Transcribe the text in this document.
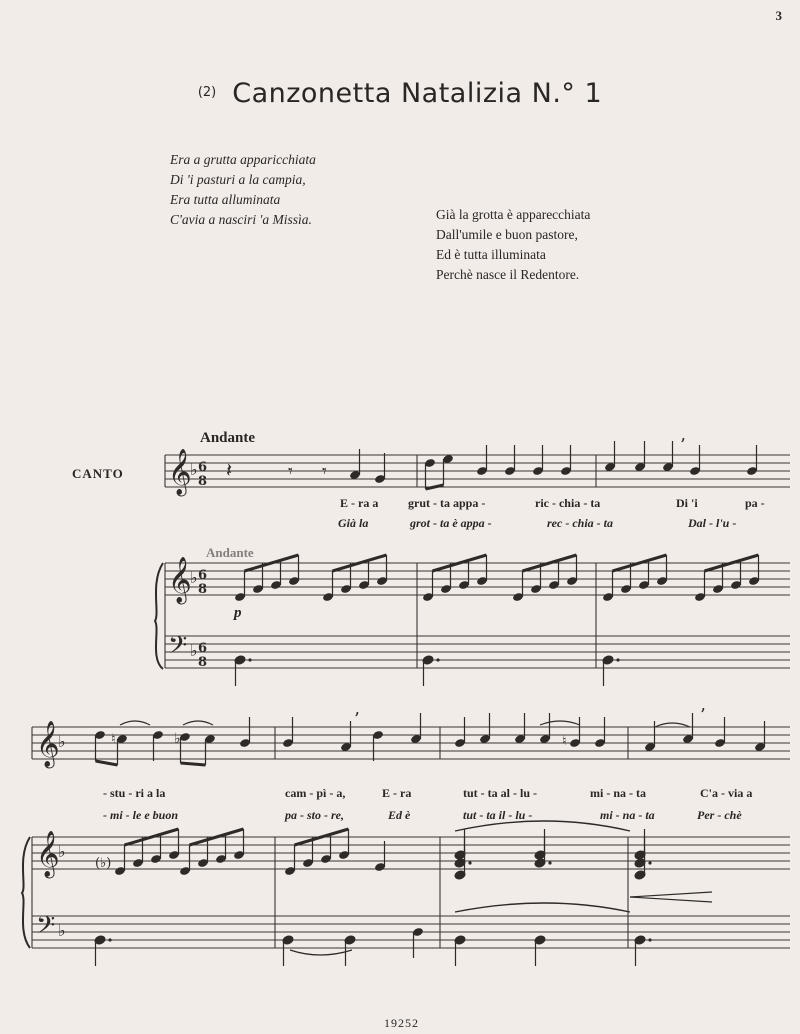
3
$^{(2)}$ Canzonetta Natalizia N.° 1
Era a grutta apparicchiata
Di 'i pasturi a la campia,
Era tutta alluminata
C'avia a nasciri 'a Missìa.	Già la grotta è apparecchiata
Dall'umile e buon pastore,
Ed è tutta illuminata
Perchè nasce il Redentore.
Andante
Andante
CANTO
p
E - ra a grut - ta appa -	ric - chia - ta	Di 'i	pa -
Già la	grot - ta è appa -	rec - chia - ta	Dal - l'u -
- stu - ri a la	cam - pì - a,	E - ra	tut - ta al - lu -	mi - na - ta	C'a - via a
- mi - le e buon	pa - sto - re,	Ed è	tut - ta il - lu -	mi - na - ta	Per - chè
19252
𝄞
♭ 6
8
𝄞
♭ 6
8
𝄢 ♭ 6
8
𝄽	𝄾 𝄾
’
𝄞
♭
𝄞
♭
𝄢 ♭
♮	♭
’
♮
’
(♭)
